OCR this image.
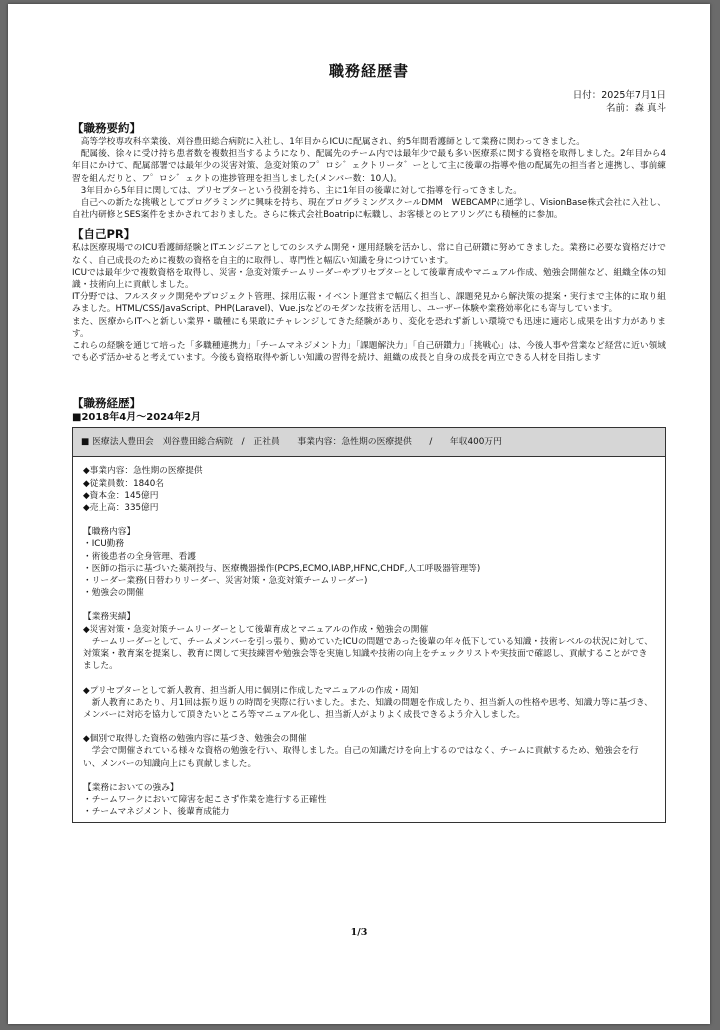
職務経歴書
日付：2025年7月1日
名前：森 真斗
【職務要約】

高等学校専攻科卒業後、刈谷豊田総合病院に入社し、1年目からICUに配属され、約5年間看護師として業務に関わってきました。

配属後、徐々に受け持ち患者数を複数担当するようになり、配属先のチーム内では最年少で最も多い医療系に関する資格を取得しました。2年目から4年目にかけて、配属部署では最年少の災害対策、急変対策のフ゜ロシ゛ェクトリータ゛ーとして主に後輩の指導や他の配属先の担当者と連携し、事前練習を組んだりと、フ゜ロシ゛ェクトの進捗管理を担当しました(メンバー数：10人)。

3年目から5年目に関しては、プリセプターという役割を持ち、主に1年目の後輩に対して指導を行ってきました。

自己への新たな挑戦としてプログラミングに興味を持ち、現在プログラミングスクールDMM　WEBCAMPに通学し、VisionBase株式会社に入社し、自社内研修とSES案件をまかされておりました。さらに株式会社Boatripに転職し、お客様とのヒアリングにも積極的に参加。

【自己PR】

私は医療現場でのICU看護師経験とITエンジニアとしてのシステム開発・運用経験を活かし、常に自己研鑽に努めてきました。業務に必要な資格だけでなく、自己成長のために複数の資格を自主的に取得し、専門性と幅広い知識を身につけています。

ICUでは最年少で複数資格を取得し、災害・急変対策チームリーダーやプリセプターとして後輩育成やマニュアル作成、勉強会開催など、組織全体の知識・技術向上に貢献しました。

IT分野では、フルスタック開発やプロジェクト管理、採用広報・イベント運営まで幅広く担当し、課題発見から解決策の提案・実行まで主体的に取り組みました。HTML/CSS/JavaScript、PHP(Laravel)、Vue.jsなどのモダンな技術を活用し、ユーザー体験や業務効率化にも寄与しています。

また、医療からITへと新しい業界・職種にも果敢にチャレンジしてきた経験があり、変化を恐れず新しい環境でも迅速に適応し成果を出す力があります。

これらの経験を通じて培った「多職種連携力」「チームマネジメント力」「課題解決力」「自己研鑽力」「挑戦心」は、今後人事や営業など経営に近い領域でも必ず活かせると考えています。今後も資格取得や新しい知識の習得を続け、組織の成長と自身の成長を両立できる人材を目指します

【職務経歴】
■2018年4月～2024年2月
■ 医療法人豊田会　刈谷豊田総合病院　/　正社員　　事業内容：急性期の医療提供　　/　　年収400万円

◆事業内容：急性期の医療提供

◆従業員数：1840名

◆資本金：145億円

◆売上高：335億円

【職務内容】

・ICU勤務

・術後患者の全身管理、看護

・医師の指示に基づいた薬剤投与、医療機器操作(PCPS,ECMO,IABP,HFNC,CHDF,人工呼吸器管理等)

・リーダー業務(日替わりリーダー、災害対策・急変対策チームリーダー)

・勉強会の開催

【業務実績】

◆災害対策・急変対策チームリーダーとして後輩育成とマニュアルの作成・勉強会の開催

チームリーダーとして、チームメンバーを引っ張り、勤めていたICUの問題であった後輩の年々低下している知識・技術レベルの状況に対して、対策案・教育案を提案し、教育に関して実技練習や勉強会等を実施し知識や技術の向上をチェックリストや実技面で確認し、貢献することができました。

◆プリセプターとして新人教育、担当新人用に個別に作成したマニュアルの作成・周知

新人教育にあたり、月1回は振り返りの時間を実際に行いました。また、知識の問題を作成したり、担当新人の性格や思考、知識力等に基づき、メンバーに対応を協力して頂きたいところ等マニュアル化し、担当新人がよりよく成長できるよう介入しました。

◆個別で取得した資格の勉強内容に基づき、勉強会の開催

学会で開催されている様々な資格の勉強を行い、取得しました。自己の知識だけを向上するのではなく、チームに貢献するため、勉強会を行い、メンバーの知識向上にも貢献しました。

【業務においての強み】

・チームワークにおいて障害を起こさず作業を進行する正確性

・チームマネジメント、後輩育成能力

1/3
